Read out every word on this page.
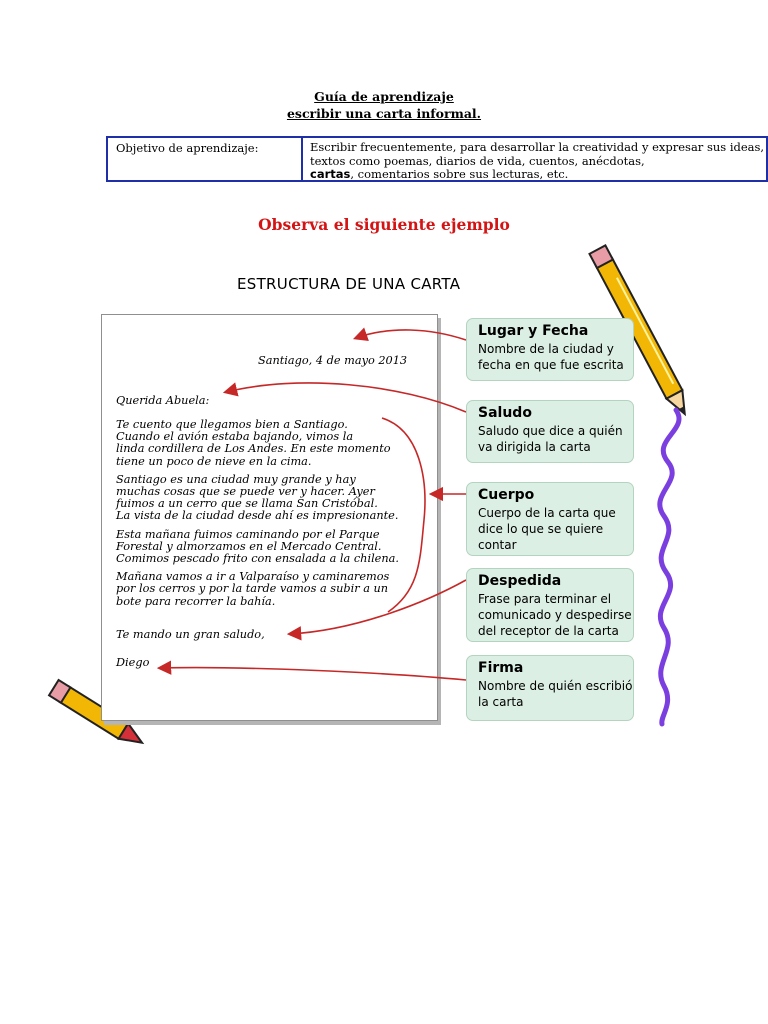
Guía de aprendizaje
escribir una carta informal.
Objetivo de aprendizaje:	Escribir frecuentemente, para desarrollar la creatividad y expresar sus ideas,
textos como poemas, diarios de vida, cuentos, anécdotas,
cartas, comentarios sobre sus lecturas, etc.
Observa el siguiente ejemplo
ESTRUCTURA DE UNA CARTA
Santiago, 4 de mayo 2013
Querida Abuela:
Te cuento que llegamos bien a Santiago.
Cuando el avión estaba bajando, vimos la
linda cordillera de Los Andes. En este momento
tiene un poco de nieve en la cima.
Santiago es una ciudad muy grande y hay
muchas cosas que se puede ver y hacer. Ayer
fuimos a un cerro que se llama San Cristóbal.
La vista de la ciudad desde ahí es impresionante.
Esta mañana fuimos caminando por el Parque
Forestal y almorzamos en el Mercado Central.
Comimos pescado frito con ensalada a la chilena.
Mañana vamos a ir a Valparaíso y caminaremos
por los cerros y por la tarde vamos a subir a un
bote para recorrer la bahía.
Te mando un gran saludo,
Diego
Lugar y Fecha
Nombre de la ciudad y
fecha en que fue escrita
Saludo
Saludo que dice a quién
va dirigida la carta
Cuerpo
Cuerpo de la carta que
dice lo que se quiere
contar
Despedida
Frase para terminar el
comunicado y despedirse
del receptor de la carta
Firma
Nombre de quién escribió
la carta
